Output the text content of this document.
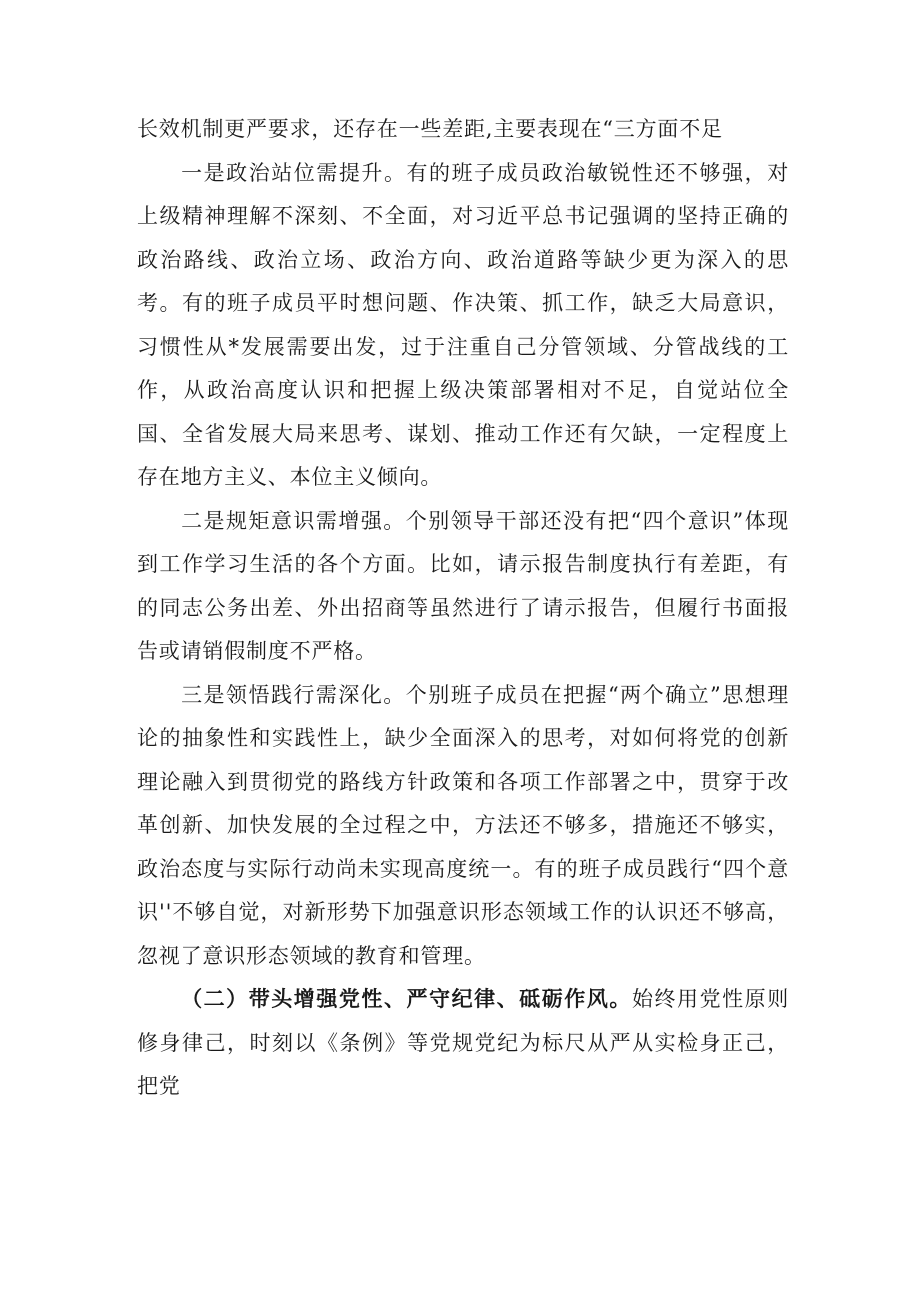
长效机制更严要求，还存在一些差距,主要表现在“三方面不足

一是政治站位需提升。有的班子成员政治敏锐性还不够强，对上级精神理解不深刻、不全面，对习近平总书记强调的坚持正确的政治路线、政治立场、政治方向、政治道路等缺少更为深入的思考。有的班子成员平时想问题、作决策、抓工作，缺乏大局意识，习惯性从*发展需要出发，过于注重自己分管领域、分管战线的工作，从政治高度认识和把握上级决策部署相对不足，自觉站位全国、全省发展大局来思考、谋划、推动工作还有欠缺，一定程度上存在地方主义、本位主义倾向。

二是规矩意识需增强。个别领导干部还没有把“四个意识”体现到工作学习生活的各个方面。比如，请示报告制度执行有差距，有的同志公务出差、外出招商等虽然进行了请示报告，但履行书面报告或请销假制度不严格。

三是领悟践行需深化。个别班子成员在把握“两个确立”思想理论的抽象性和实践性上，缺少全面深入的思考，对如何将党的创新理论融入到贯彻党的路线方针政策和各项工作部署之中，贯穿于改革创新、加快发展的全过程之中，方法还不够多，措施还不够实，政治态度与实际行动尚未实现高度统一。有的班子成员践行“四个意识''不够自觉，对新形势下加强意识形态领域工作的认识还不够高，忽视了意识形态领域的教育和管理。

（二）带头增强党性、严守纪律、砥砺作风。始终用党性原则修身律己，时刻以《条例》等党规党纪为标尺从严从实检身正己，把党
